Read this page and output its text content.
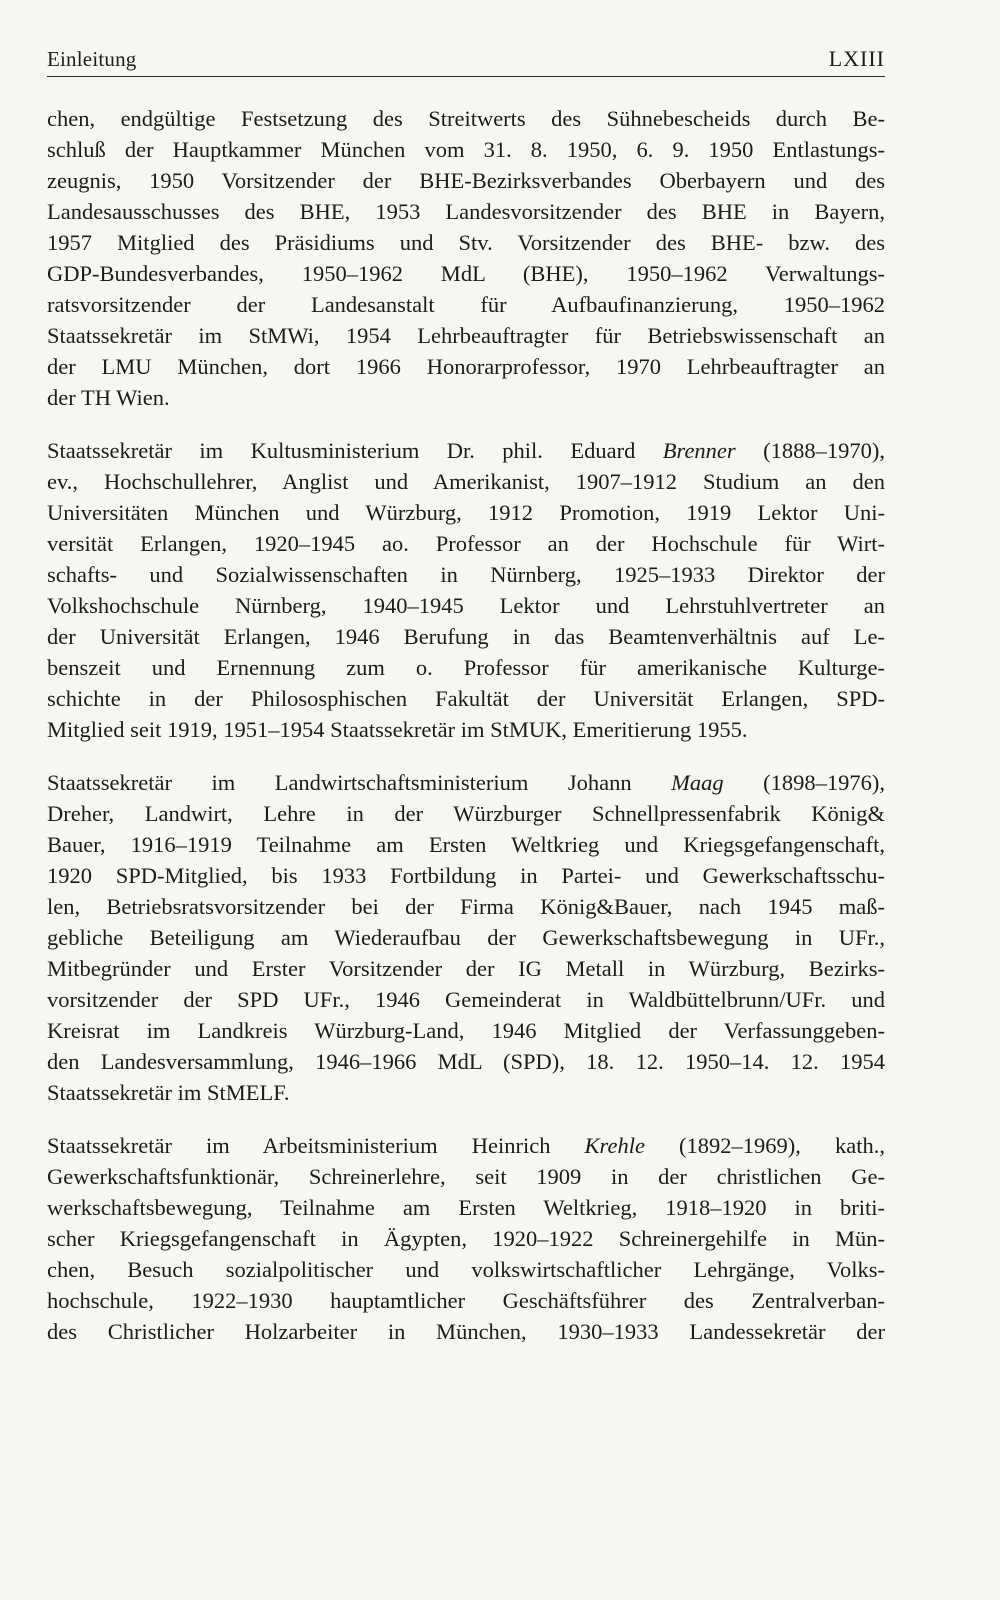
Einleitung	LXIII
chen, endgültige Festsetzung des Streitwerts des Sühnebescheids durch Be-
schluß der Hauptkammer München vom 31. 8. 1950, 6. 9. 1950 Entlastungs-
zeugnis, 1950 Vorsitzender der BHE-Bezirksverbandes Oberbayern und des
Landesausschusses des BHE, 1953 Landesvorsitzender des BHE in Bayern,
1957 Mitglied des Präsidiums und Stv. Vorsitzender des BHE- bzw. des
GDP-Bundesverbandes, 1950–1962 MdL (BHE), 1950–1962 Verwaltungs-
ratsvorsitzender der Landesanstalt für Aufbaufinanzierung, 1950–1962
Staatssekretär im StMWi, 1954 Lehrbeauftragter für Betriebswissenschaft an
der LMU München, dort 1966 Honorarprofessor, 1970 Lehrbeauftragter an
der TH Wien.
Staatssekretär im Kultusministerium Dr. phil. Eduard Brenner (1888–1970),
ev., Hochschullehrer, Anglist und Amerikanist, 1907–1912 Studium an den
Universitäten München und Würzburg, 1912 Promotion, 1919 Lektor Uni-
versität Erlangen, 1920–1945 ao. Professor an der Hochschule für Wirt-
schafts- und Sozialwissenschaften in Nürnberg, 1925–1933 Direktor der
Volkshochschule Nürnberg, 1940–1945 Lektor und Lehrstuhlvertreter an
der Universität Erlangen, 1946 Berufung in das Beamtenverhältnis auf Le-
benszeit und Ernennung zum o. Professor für amerikanische Kulturge-
schichte in der Philososphischen Fakultät der Universität Erlangen, SPD-
Mitglied seit 1919, 1951–1954 Staatssekretär im StMUK, Emeritierung 1955.
Staatssekretär im Landwirtschaftsministerium Johann Maag (1898–1976),
Dreher, Landwirt, Lehre in der Würzburger Schnellpressenfabrik König&
Bauer, 1916–1919 Teilnahme am Ersten Weltkrieg und Kriegsgefangenschaft,
1920 SPD-Mitglied, bis 1933 Fortbildung in Partei- und Gewerkschaftsschu-
len, Betriebsratsvorsitzender bei der Firma König&Bauer, nach 1945 maß-
gebliche Beteiligung am Wiederaufbau der Gewerkschaftsbewegung in UFr.,
Mitbegründer und Erster Vorsitzender der IG Metall in Würzburg, Bezirks-
vorsitzender der SPD UFr., 1946 Gemeinderat in Waldbüttelbrunn/UFr. und
Kreisrat im Landkreis Würzburg-Land, 1946 Mitglied der Verfassunggeben-
den Landesversammlung, 1946–1966 MdL (SPD), 18. 12. 1950–14. 12. 1954
Staatssekretär im StMELF.
Staatssekretär im Arbeitsministerium Heinrich Krehle (1892–1969), kath.,
Gewerkschaftsfunktionär, Schreinerlehre, seit 1909 in der christlichen Ge-
werkschaftsbewegung, Teilnahme am Ersten Weltkrieg, 1918–1920 in briti-
scher Kriegsgefangenschaft in Ägypten, 1920–1922 Schreinergehilfe in Mün-
chen, Besuch sozialpolitischer und volkswirtschaftlicher Lehrgänge, Volks-
hochschule, 1922–1930 hauptamtlicher Geschäftsführer des Zentralverban-
des Christlicher Holzarbeiter in München, 1930–1933 Landessekretär der
